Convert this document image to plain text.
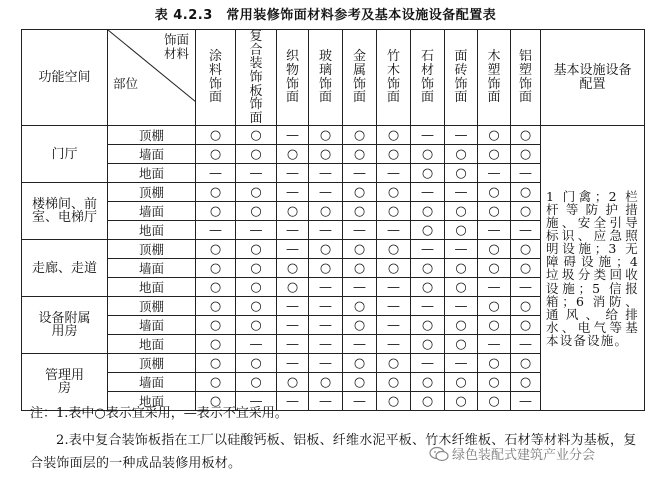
表 4.2.3　常用装修饰面材料参考及基本设施设备配置表
功能空间	饰面材料
部位	涂料饰面	复合装饰板饰面	织物饰面	玻璃饰面	金属饰面	竹木饰面	石材饰面	面砖饰面	木塑饰面	铝塑饰面	基本设施设备配置

门厅	顶棚	○	○	—	○	○	○	—	—	○	○	1 门禽；2 栏杆等防护措施、安全引导标识、应急照明设施；3 无障碍设施；4 垃圾分类回收设施；5 信报箱；6 消防、通风、给排水、电气等基本设备设施。

	墙面	○	○	○	○	○	○	○	○	○	○	
	地面	—	—	—	—	—	—	○	○	—	—	
楼梯间、前室、电梯厅	顶棚	○	○	—	—	○	○	—	—	○	○	
	墙面	○	○	○	○	○	○	○	○	○	○	
	地面	—	—	—	—	—	—	○	○	—	—	
走廊、走道	顶棚	○	○	—	○	○	○	—	—	○	○	
	墙面	○	○	○	○	○	○	○	○	○	○	
	地面	○	○	○	—	—	—	○	○	—	—	
设备附属用房	顶棚	○	○	—	—	○	—	—	—	○	○	
	墙面	○	○	—	—	○	—	○	○	○	○	
	地面	○	—	—	—	—	—	○	○	—	—	
管理用房	顶棚	○	○	—	—	○	○	—	—	○	○	
	墙面	○	○	○	○	○	○	○	○	○	○	
	地面	○	—	—	—	—	○	○	○	○	—	
注：1.表中○表示宜采用，—表示不宜采用。
2.表中复合装饰板指在工厂以硅酸钙板、铝板、纤维水泥平板、竹木纤维板、石材等材料为基板，复合装饰面层的一种成品装修用板材。
绿色装配式建筑产业分会
